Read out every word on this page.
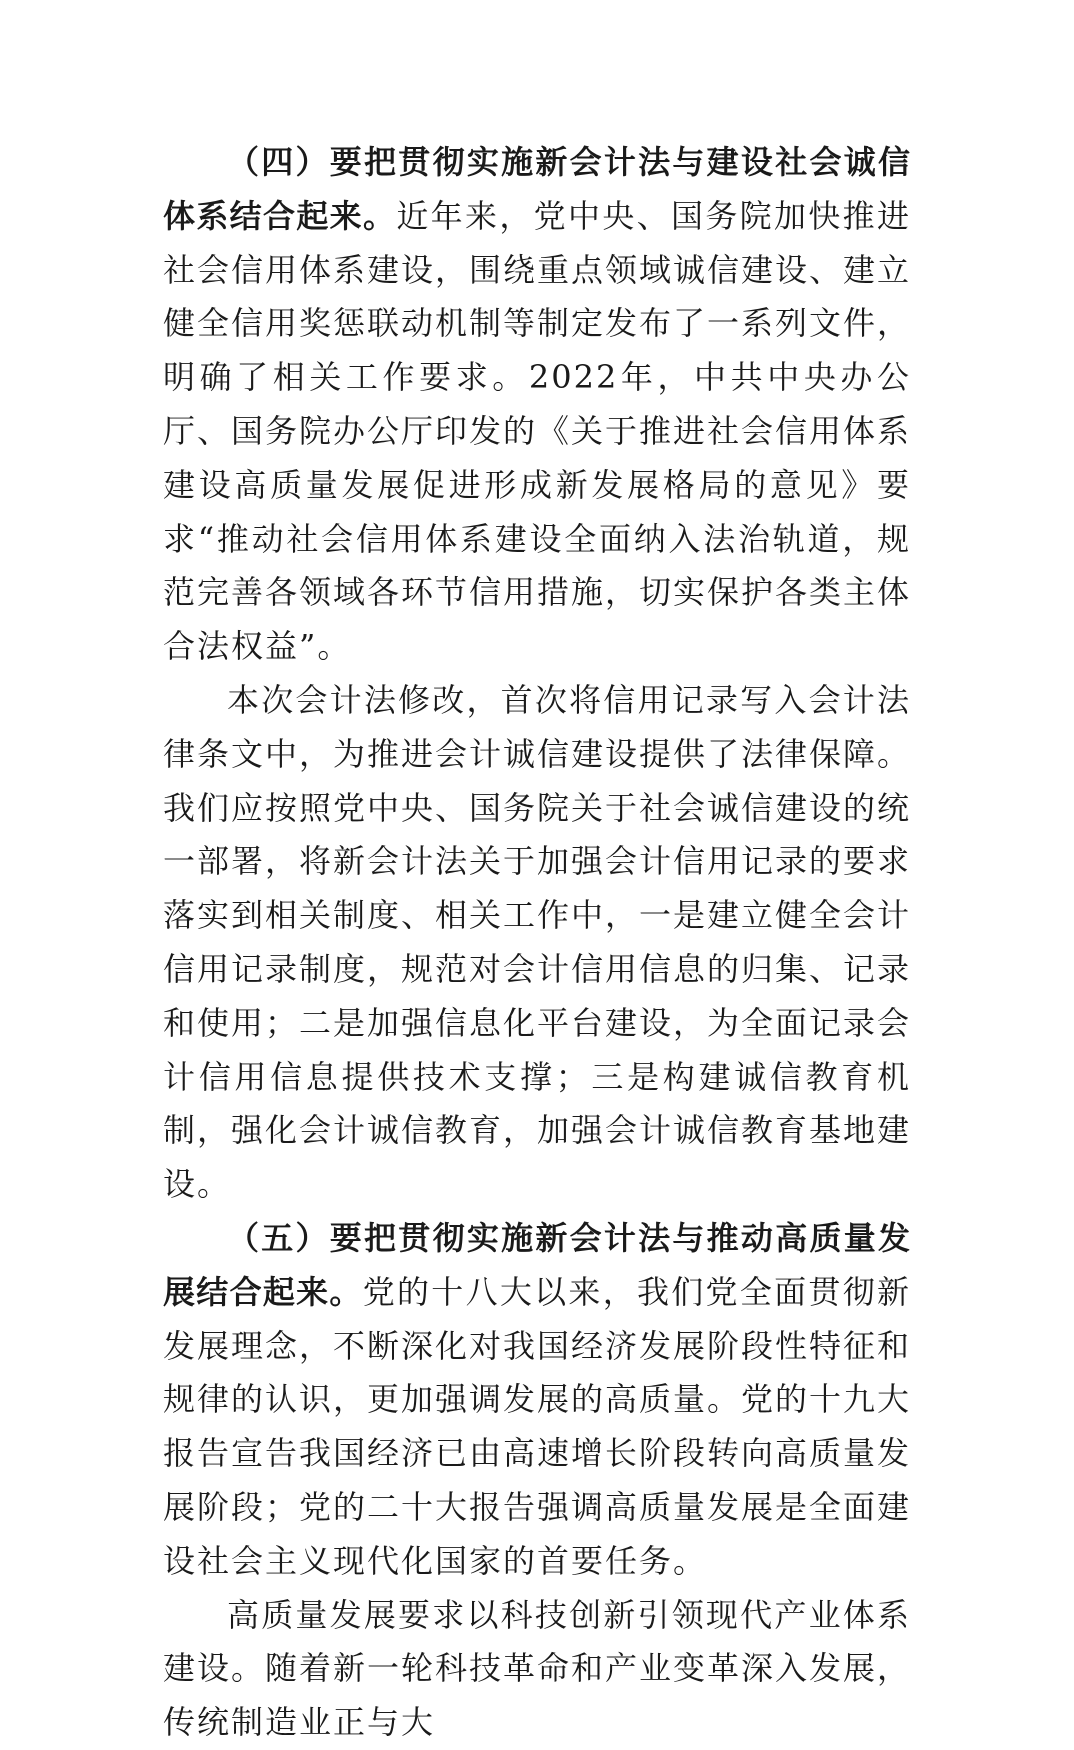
（四）要把贯彻实施新会计法与建设社会诚信体系结合起来。近年来，党中央、国务院加快推进社会信用体系建设，围绕重点领域诚信建设、建立健全信用奖惩联动机制等制定发布了一系列文件，明确了相关工作要求。2022年，中共中央办公厅、国务院办公厅印发的《关于推进社会信用体系建设高质量发展促进形成新发展格局的意见》要求“推动社会信用体系建设全面纳入法治轨道，规范完善各领域各环节信用措施，切实保护各类主体合法权益”。

本次会计法修改，首次将信用记录写入会计法律条文中，为推进会计诚信建设提供了法律保障。我们应按照党中央、国务院关于社会诚信建设的统一部署，将新会计法关于加强会计信用记录的要求落实到相关制度、相关工作中，一是建立健全会计信用记录制度，规范对会计信用信息的归集、记录和使用；二是加强信息化平台建设，为全面记录会计信用信息提供技术支撑；三是构建诚信教育机制，强化会计诚信教育，加强会计诚信教育基地建设。

（五）要把贯彻实施新会计法与推动高质量发展结合起来。党的十八大以来，我们党全面贯彻新发展理念，不断深化对我国经济发展阶段性特征和规律的认识，更加强调发展的高质量。党的十九大报告宣告我国经济已由高速增长阶段转向高质量发展阶段；党的二十大报告强调高质量发展是全面建设社会主义现代化国家的首要任务。

高质量发展要求以科技创新引领现代产业体系建设。随着新一轮科技革命和产业变革深入发展，传统制造业正与大
